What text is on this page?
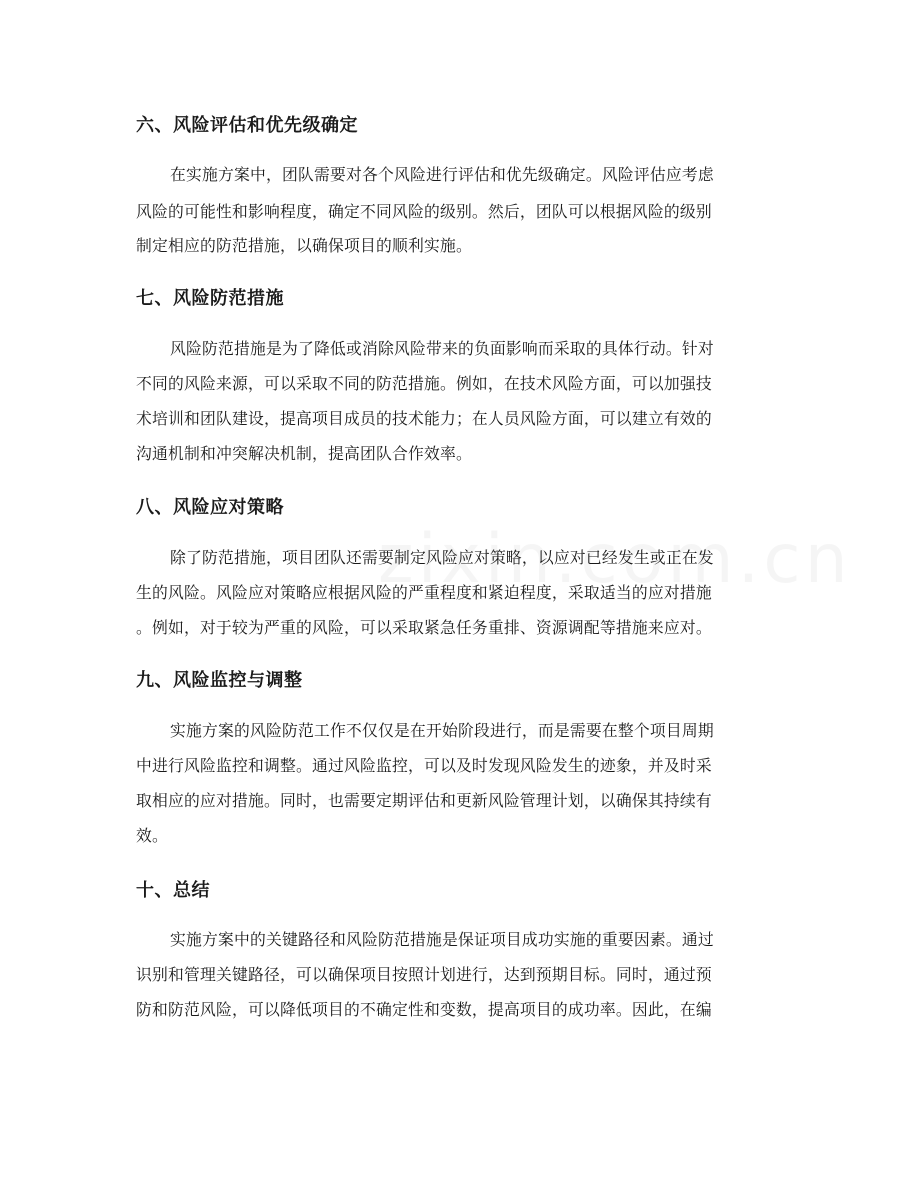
六、风险评估和优先级确定
在实施方案中，团队需要对各个风险进行评估和优先级确定。风险评估应考虑
风险的可能性和影响程度，确定不同风险的级别。然后，团队可以根据风险的级别
制定相应的防范措施，以确保项目的顺利实施。
七、风险防范措施
风险防范措施是为了降低或消除风险带来的负面影响而采取的具体行动。针对
不同的风险来源，可以采取不同的防范措施。例如，在技术风险方面，可以加强技
术培训和团队建设，提高项目成员的技术能力；在人员风险方面，可以建立有效的
沟通机制和冲突解决机制，提高团队合作效率。
八、风险应对策略
除了防范措施，项目团队还需要制定风险应对策略，以应对已经发生或正在发
生的风险。风险应对策略应根据风险的严重程度和紧迫程度，采取适当的应对措施
。例如，对于较为严重的风险，可以采取紧急任务重排、资源调配等措施来应对。
九、风险监控与调整
实施方案的风险防范工作不仅仅是在开始阶段进行，而是需要在整个项目周期
中进行风险监控和调整。通过风险监控，可以及时发现风险发生的迹象，并及时采
取相应的应对措施。同时，也需要定期评估和更新风险管理计划，以确保其持续有
效。
十、总结
实施方案中的关键路径和风险防范措施是保证项目成功实施的重要因素。通过
识别和管理关键路径，可以确保项目按照计划进行，达到预期目标。同时，通过预
防和防范风险，可以降低项目的不确定性和变数，提高项目的成功率。因此，在编
